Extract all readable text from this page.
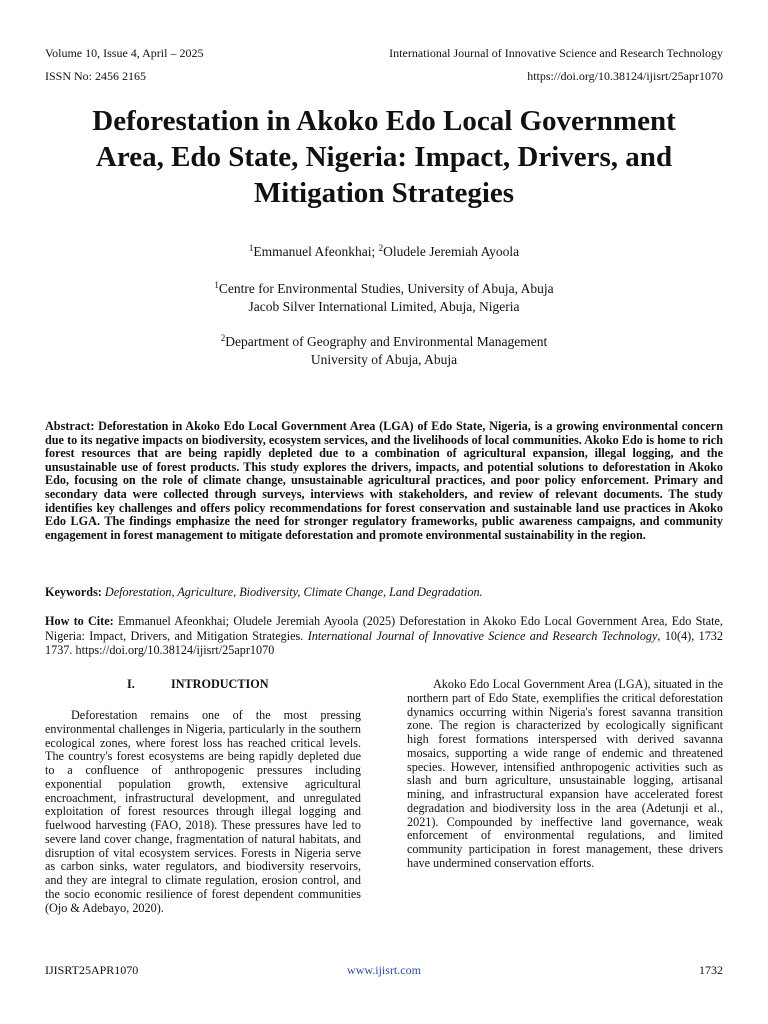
Volume 10, Issue 4, April – 2025
ISSN No: 2456 2165
International Journal of Innovative Science and Research Technology
https://doi.org/10.38124/ijisrt/25apr1070
Deforestation in Akoko Edo Local Government
Area, Edo State, Nigeria: Impact, Drivers, and
Mitigation Strategies
$^1$Emmanuel Afeonkhai; $^2$Oludele Jeremiah Ayoola
$^1$Centre for Environmental Studies, University of Abuja, Abuja
Jacob Silver International Limited, Abuja, Nigeria
$^2$Department of Geography and Environmental Management
University of Abuja, Abuja

Abstract: Deforestation in Akoko Edo Local Government Area (LGA) of Edo State, Nigeria, is a growing environmental concern due to its negative impacts on biodiversity, ecosystem services, and the livelihoods of local communities. Akoko Edo is home to rich forest resources that are being rapidly depleted due to a combination of agricultural expansion, illegal logging, and the unsustainable use of forest products. This study explores the drivers, impacts, and potential solutions to deforestation in Akoko Edo, focusing on the role of climate change, unsustainable agricultural practices, and poor policy enforcement. Primary and secondary data were collected through surveys, interviews with stakeholders, and review of relevant documents. The study identifies key challenges and offers policy recommendations for forest conservation and sustainable land use practices in Akoko Edo LGA. The findings emphasize the need for stronger regulatory frameworks, public awareness campaigns, and community engagement in forest management to mitigate deforestation and promote environmental sustainability in the region.

Keywords: Deforestation, Agriculture, Biodiversity, Climate Change, Land Degradation.

How to Cite: Emmanuel Afeonkhai; Oludele Jeremiah Ayoola (2025) Deforestation in Akoko Edo Local Government Area, Edo State, Nigeria: Impact, Drivers, and Mitigation Strategies. International Journal of Innovative Science and Research Technology, 10(4), 1732 1737. https://doi.org/10.38124/ijisrt/25apr1070

I.	INTRODUCTION

Deforestation remains one of the most pressing environmental challenges in Nigeria, particularly in the southern ecological zones, where forest loss has reached critical levels. The country's forest ecosystems are being rapidly depleted due to a confluence of anthropogenic pressures including exponential population growth, extensive agricultural encroachment, infrastructural development, and unregulated exploitation of forest resources through illegal logging and fuelwood harvesting (FAO, 2018). These pressures have led to severe land cover change, fragmentation of natural habitats, and disruption of vital ecosystem services. Forests in Nigeria serve as carbon sinks, water regulators, and biodiversity reservoirs, and they are integral to climate regulation, erosion control, and the socio economic resilience of forest dependent communities (Ojo & Adebayo, 2020).

Akoko Edo Local Government Area (LGA), situated in the northern part of Edo State, exemplifies the critical deforestation dynamics occurring within Nigeria's forest savanna transition zone. The region is characterized by ecologically significant high forest formations interspersed with derived savanna mosaics, supporting a wide range of endemic and threatened species. However, intensified anthropogenic activities such as slash and burn agriculture, unsustainable logging, artisanal mining, and infrastructural expansion have accelerated forest degradation and biodiversity loss in the area (Adetunji et al., 2021). Compounded by ineffective land governance, weak enforcement of environmental regulations, and limited community participation in forest management, these drivers have undermined conservation efforts.

IJISRT25APR1070	www.ijisrt.com	1732
